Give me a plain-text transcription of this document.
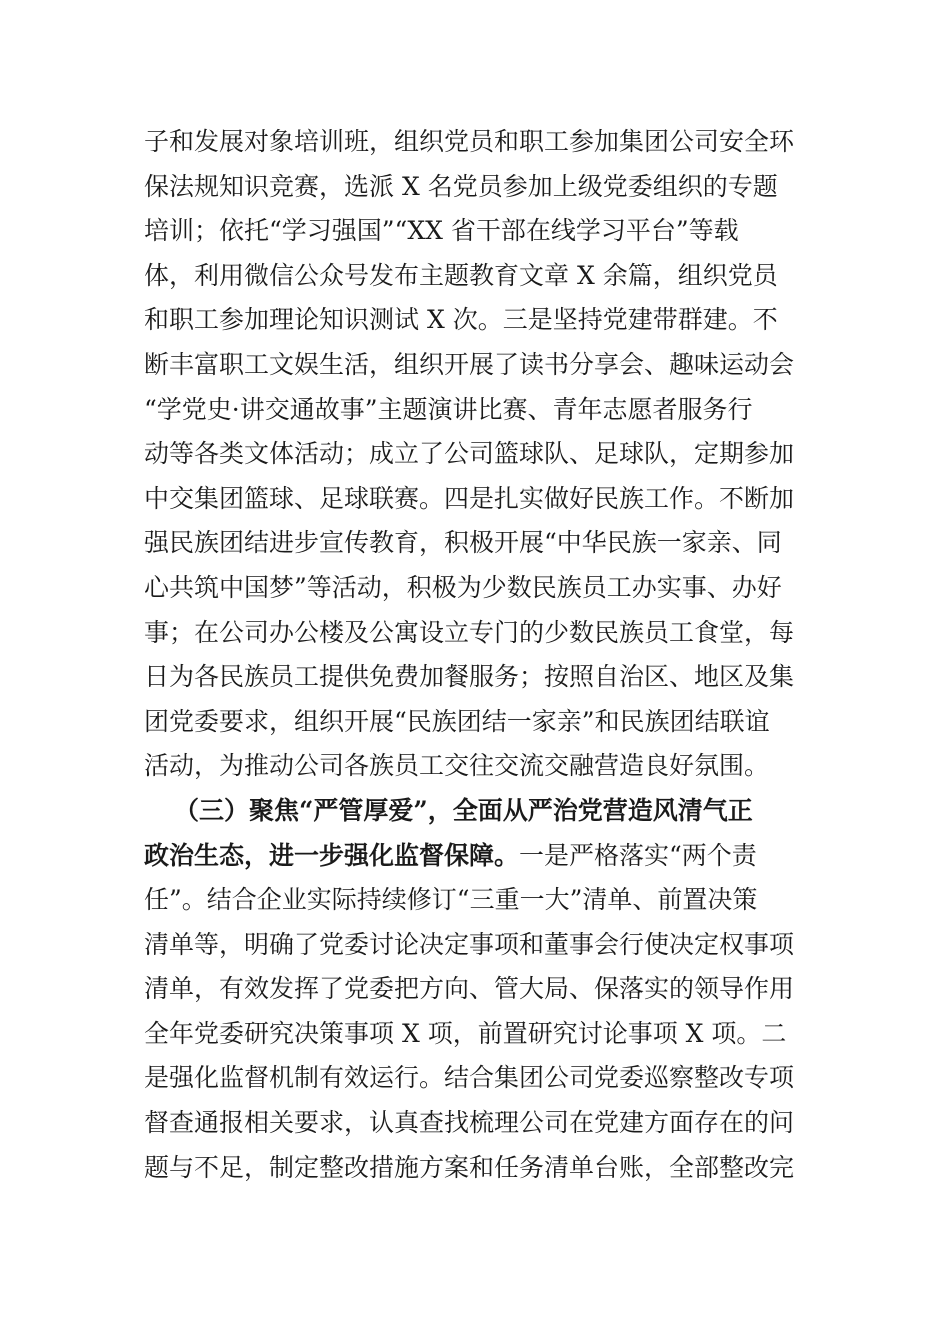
子和发展对象培训班，组织党员和职工参加集团公司安全环
保法规知识竞赛，选派 X 名党员参加上级党委组织的专题
培训；依托“学习强国”“XX 省干部在线学习平台”等载
体，利用微信公众号发布主题教育文章 X 余篇，组织党员
和职工参加理论知识测试 X 次。三是坚持党建带群建。不
断丰富职工文娱生活，组织开展了读书分享会、趣味运动会
“学党史·讲交通故事”主题演讲比赛、青年志愿者服务行
动等各类文体活动；成立了公司篮球队、足球队，定期参加
中交集团篮球、足球联赛。四是扎实做好民族工作。不断加
强民族团结进步宣传教育，积极开展“中华民族一家亲、同
心共筑中国梦”等活动，积极为少数民族员工办实事、办好
事；在公司办公楼及公寓设立专门的少数民族员工食堂，每
日为各民族员工提供免费加餐服务；按照自治区、地区及集
团党委要求，组织开展“民族团结一家亲”和民族团结联谊
活动，为推动公司各族员工交往交流交融营造良好氛围。
（三）聚焦“严管厚爱”，全面从严治党营造风清气正
政治生态，进一步强化监督保障。一是严格落实“两个责
任”。结合企业实际持续修订“三重一大”清单、前置决策
清单等，明确了党委讨论决定事项和董事会行使决定权事项
清单，有效发挥了党委把方向、管大局、保落实的领导作用
全年党委研究决策事项 X 项，前置研究讨论事项 X 项。二
是强化监督机制有效运行。结合集团公司党委巡察整改专项
督查通报相关要求，认真查找梳理公司在党建方面存在的问
题与不足，制定整改措施方案和任务清单台账，全部整改完
